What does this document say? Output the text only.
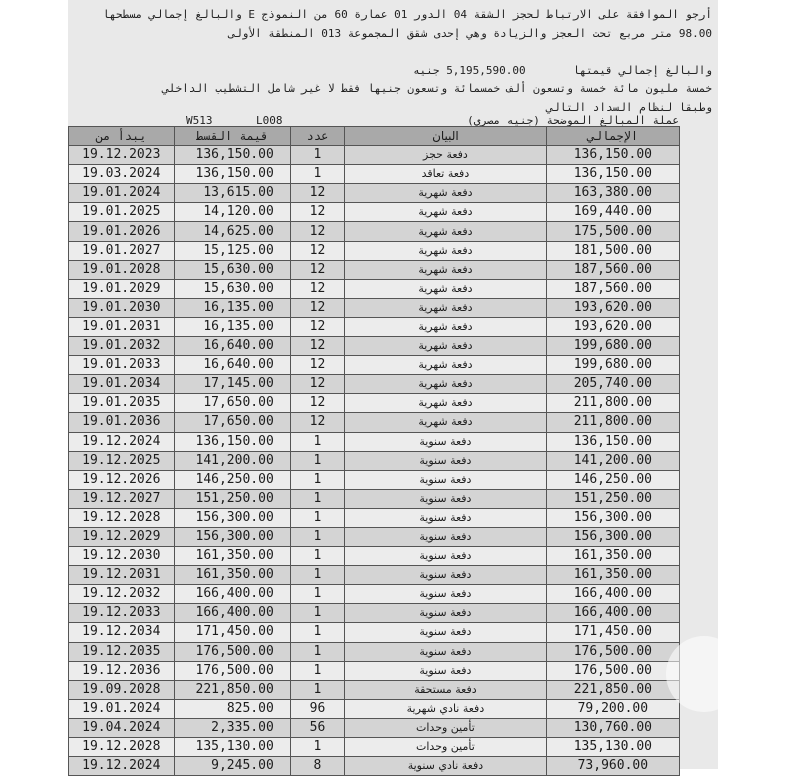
أرجو الموافقة على الارتباط لحجز الشقة 04 الدور 01 عمارة 60 من النموذج E والبالغ إجمالي مسطحها
98.00 متر مربع تحت العجز والزيادة وهي إحدى شقق المجموعة 013 المنطقة الأولى
والبالغ إجمالي قيمتها  5,195,590.00 جنيه
خمسة مليون مائة خمسة وتسعون ألف خمسمائة وتسعون جنيها فقط لا غير شامل التشطيب الداخلي
وطبقا لنظام السداد التالي
W513	L008	عملة المبالغ الموضحة (جنيه مصري)
يبدأ من	قيمة القسط	عدد	البيان	الإجمالي
19.12.2023	136,150.00	1	دفعة حجز	136,150.00
19.03.2024	136,150.00	1	دفعة تعاقد	136,150.00
19.01.2024	13,615.00	12	دفعة شهرية	163,380.00
19.01.2025	14,120.00	12	دفعة شهرية	169,440.00
19.01.2026	14,625.00	12	دفعة شهرية	175,500.00
19.01.2027	15,125.00	12	دفعة شهرية	181,500.00
19.01.2028	15,630.00	12	دفعة شهرية	187,560.00
19.01.2029	15,630.00	12	دفعة شهرية	187,560.00
19.01.2030	16,135.00	12	دفعة شهرية	193,620.00
19.01.2031	16,135.00	12	دفعة شهرية	193,620.00
19.01.2032	16,640.00	12	دفعة شهرية	199,680.00
19.01.2033	16,640.00	12	دفعة شهرية	199,680.00
19.01.2034	17,145.00	12	دفعة شهرية	205,740.00
19.01.2035	17,650.00	12	دفعة شهرية	211,800.00
19.01.2036	17,650.00	12	دفعة شهرية	211,800.00
19.12.2024	136,150.00	1	دفعة سنوية	136,150.00
19.12.2025	141,200.00	1	دفعة سنوية	141,200.00
19.12.2026	146,250.00	1	دفعة سنوية	146,250.00
19.12.2027	151,250.00	1	دفعة سنوية	151,250.00
19.12.2028	156,300.00	1	دفعة سنوية	156,300.00
19.12.2029	156,300.00	1	دفعة سنوية	156,300.00
19.12.2030	161,350.00	1	دفعة سنوية	161,350.00
19.12.2031	161,350.00	1	دفعة سنوية	161,350.00
19.12.2032	166,400.00	1	دفعة سنوية	166,400.00
19.12.2033	166,400.00	1	دفعة سنوية	166,400.00
19.12.2034	171,450.00	1	دفعة سنوية	171,450.00
19.12.2035	176,500.00	1	دفعة سنوية	176,500.00
19.12.2036	176,500.00	1	دفعة سنوية	176,500.00
19.09.2028	221,850.00	1	دفعة مستحقة	221,850.00
19.01.2024	825.00	96	دفعة نادي شهرية	79,200.00
19.04.2024	2,335.00	56	تأمين وحدات	130,760.00
19.12.2028	135,130.00	1	تأمين وحدات	135,130.00
19.12.2024	9,245.00	8	دفعة نادي سنوية	73,960.00
